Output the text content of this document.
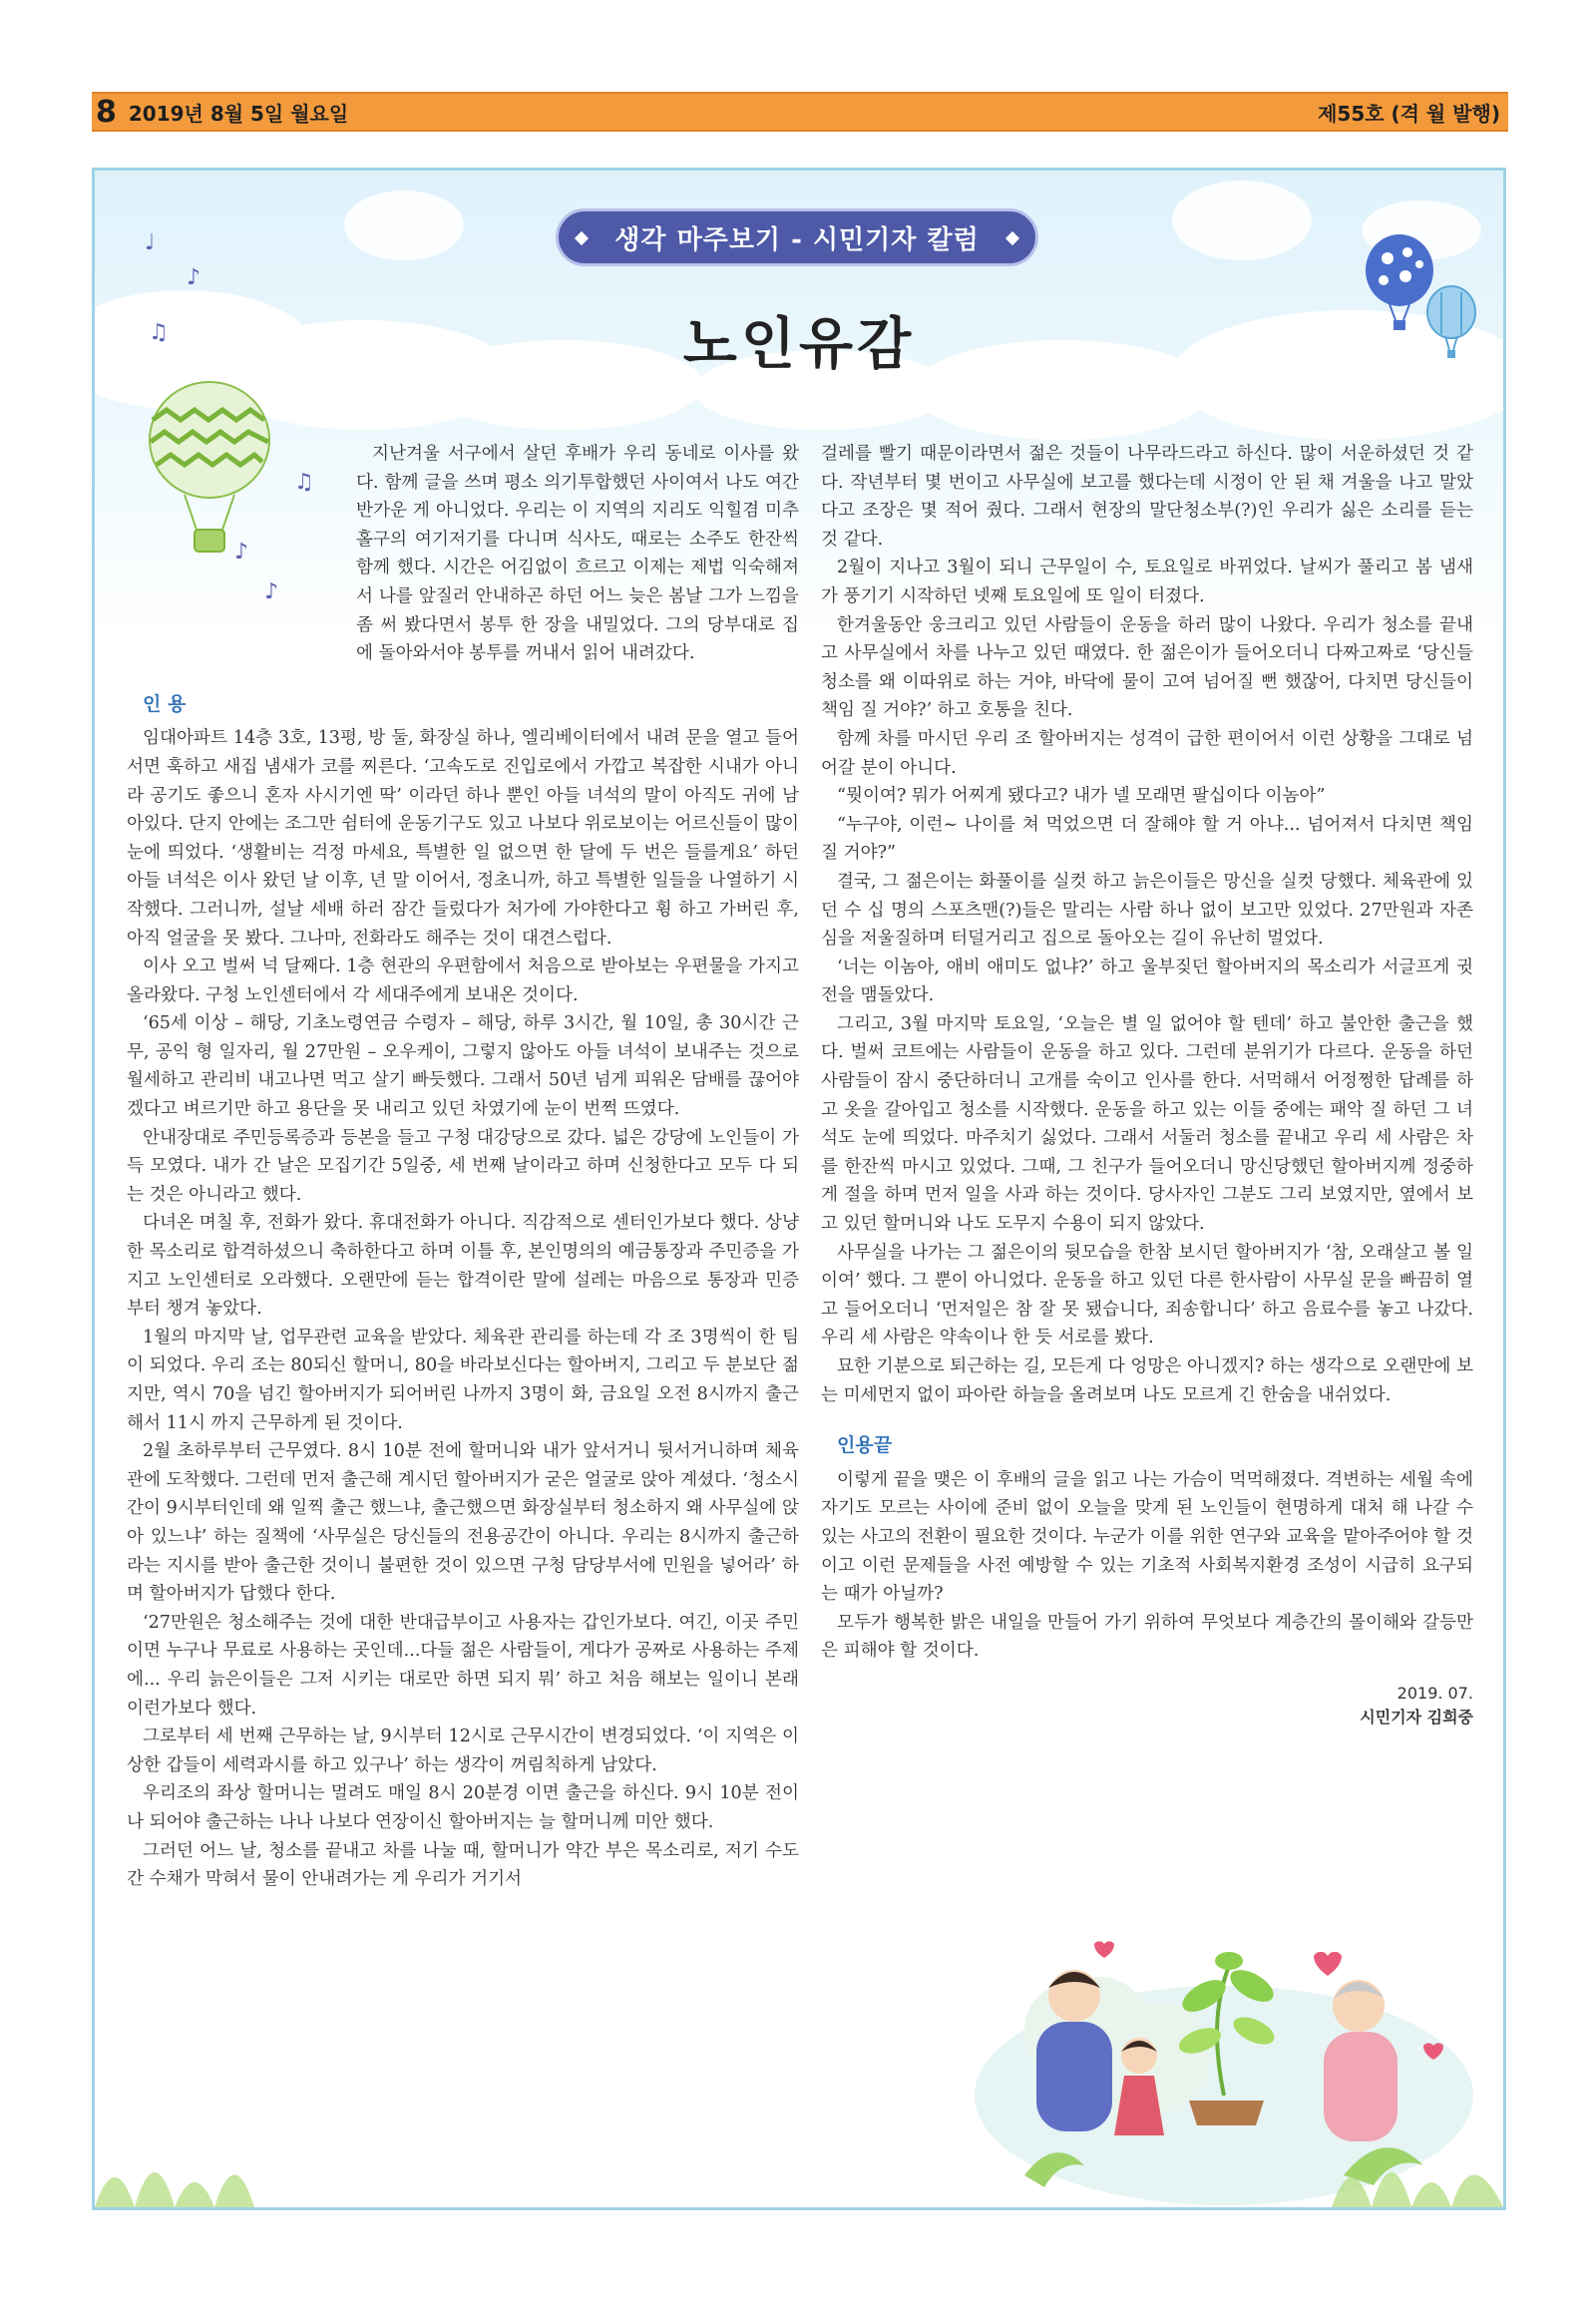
8 2019년 8월 5일 월요일	제55호 (격 월 발행)
♩
♪
♫
♫
♪
♪
생각 마주보기 - 시민기자 칼럼
노인유감

지난겨울 서구에서 살던 후배가 우리 동네로 이사를 왔다. 함께 글을 쓰며 평소 의기투합했던 사이여서 나도 여간 반가운 게 아니었다. 우리는 이 지역의 지리도 익힐겸 미추홀구의 여기저기를 다니며 식사도, 때로는 소주도 한잔씩 함께 했다. 시간은 어김없이 흐르고 이제는 제법 익숙해져서 나를 앞질러 안내하곤 하던 어느 늦은 봄날 그가 느낌을 좀 써 봤다면서 봉투 한 장을 내밀었다. 그의 당부대로 집에 돌아와서야 봉투를 꺼내서 읽어 내려갔다.

인 용

임대아파트 14층 3호, 13평, 방 둘, 화장실 하나, 엘리베이터에서 내려 문을 열고 들어서면 훅하고 새집 냄새가 코를 찌른다. ‘고속도로 진입로에서 가깝고 복잡한 시내가 아니라 공기도 좋으니 혼자 사시기엔 딱’ 이라던 하나 뿐인 아들 녀석의 말이 아직도 귀에 남아있다. 단지 안에는 조그만 쉼터에 운동기구도 있고 나보다 위로보이는 어르신들이 많이 눈에 띄었다. ‘생활비는 걱정 마세요, 특별한 일 없으면 한 달에 두 번은 들를게요’ 하던 아들 녀석은 이사 왔던 날 이후, 년 말 이어서, 정초니까, 하고 특별한 일들을 나열하기 시작했다. 그러니까, 설날 세배 하러 잠간 들렀다가 처가에 가야한다고 휭 하고 가버린 후, 아직 얼굴을 못 봤다. 그나마, 전화라도 해주는 것이 대견스럽다.

이사 오고 벌써 넉 달째다. 1층 현관의 우편함에서 처음으로 받아보는 우편물을 가지고 올라왔다. 구청 노인센터에서 각 세대주에게 보내온 것이다.

‘65세 이상 – 해당, 기초노령연금 수령자 – 해당, 하루 3시간, 월 10일, 총 30시간 근무, 공익 형 일자리, 월 27만원 – 오우케이, 그렇지 않아도 아들 녀석이 보내주는 것으로 월세하고 관리비 내고나면 먹고 살기 빠듯했다. 그래서 50년 넘게 피워온 담배를 끊어야겠다고 벼르기만 하고 용단을 못 내리고 있던 차였기에 눈이 번쩍 뜨였다.

안내장대로 주민등록증과 등본을 들고 구청 대강당으로 갔다. 넓은 강당에 노인들이 가득 모였다. 내가 간 날은 모집기간 5일중, 세 번째 날이라고 하며 신청한다고 모두 다 되는 것은 아니라고 했다.

다녀온 며칠 후, 전화가 왔다. 휴대전화가 아니다. 직감적으로 센터인가보다 했다. 상냥한 목소리로 합격하셨으니 축하한다고 하며 이틀 후, 본인명의의 예금통장과 주민증을 가지고 노인센터로 오라했다. 오랜만에 듣는 합격이란 말에 설레는 마음으로 통장과 민증 부터 챙겨 놓았다.

1월의 마지막 날, 업무관련 교육을 받았다. 체육관 관리를 하는데 각 조 3명씩이 한 팀이 되었다. 우리 조는 80되신 할머니, 80을 바라보신다는 할아버지, 그리고 두 분보단 젊지만, 역시 70을 넘긴 할아버지가 되어버린 나까지 3명이 화, 금요일 오전 8시까지 출근해서 11시 까지 근무하게 된 것이다.

2월 초하루부터 근무였다. 8시 10분 전에 할머니와 내가 앞서거니 뒷서거니하며 체육관에 도착했다. 그런데 먼저 출근해 계시던 할아버지가 굳은 얼굴로 앉아 계셨다. ‘청소시간이 9시부터인데 왜 일찍 출근 했느냐, 출근했으면 화장실부터 청소하지 왜 사무실에 앉아 있느냐’ 하는 질책에 ‘사무실은 당신들의 전용공간이 아니다. 우리는 8시까지 출근하라는 지시를 받아 출근한 것이니 불편한 것이 있으면 구청 담당부서에 민원을 넣어라’ 하며 할아버지가 답했다 한다.

‘27만원은 청소해주는 것에 대한 반대급부이고 사용자는 갑인가보다. 여긴, 이곳 주민이면 누구나 무료로 사용하는 곳인데...다들 젊은 사람들이, 게다가 공짜로 사용하는 주제에... 우리 늙은이들은 그저 시키는 대로만 하면 되지 뭐’ 하고 처음 해보는 일이니 본래 이런가보다 했다.

그로부터 세 번째 근무하는 날, 9시부터 12시로 근무시간이 변경되었다. ‘이 지역은 이상한 갑들이 세력과시를 하고 있구나’ 하는 생각이 꺼림칙하게 남았다.

우리조의 좌상 할머니는 멀려도 매일 8시 20분경 이면 출근을 하신다. 9시 10분 전이나 되어야 출근하는 나나 나보다 연장이신 할아버지는 늘 할머니께 미안 했다.

그러던 어느 날, 청소를 끝내고 차를 나눌 때, 할머니가 약간 부은 목소리로, 저기 수도 간 수채가 막혀서 물이 안내려가는 게 우리가 거기서

걸레를 빨기 때문이라면서 젊은 것들이 나무라드라고 하신다. 많이 서운하셨던 것 같다. 작년부터 몇 번이고 사무실에 보고를 했다는데 시정이 안 된 채 겨울을 나고 말았다고 조장은 몇 적어 줬다. 그래서 현장의 말단청소부(?)인 우리가 싫은 소리를 듣는 것 같다.

2월이 지나고 3월이 되니 근무일이 수, 토요일로 바뀌었다. 날씨가 풀리고 봄 냄새가 풍기기 시작하던 넷째 토요일에 또 일이 터졌다.

한겨울동안 웅크리고 있던 사람들이 운동을 하러 많이 나왔다. 우리가 청소를 끝내고 사무실에서 차를 나누고 있던 때였다. 한 젊은이가 들어오더니 다짜고짜로 ‘당신들 청소를 왜 이따위로 하는 거야, 바닥에 물이 고여 넘어질 뻔 했잖어, 다치면 당신들이 책임 질 거야?’ 하고 호통을 친다.

함께 차를 마시던 우리 조 할아버지는 성격이 급한 편이어서 이런 상황을 그대로 넘어갈 분이 아니다.

“뭣이여? 뭐가 어찌게 됐다고? 내가 넬 모래면 팔십이다 이놈아”

“누구야, 이런~ 나이를 쳐 먹었으면 더 잘해야 할 거 아냐... 넘어져서 다치면 책임질 거야?”

결국, 그 젊은이는 화풀이를 실컷 하고 늙은이들은 망신을 실컷 당했다. 체육관에 있던 수 십 명의 스포츠맨(?)들은 말리는 사람 하나 없이 보고만 있었다. 27만원과 자존심을 저울질하며 터덜거리고 집으로 돌아오는 길이 유난히 멀었다.

‘너는 이놈아, 애비 애미도 없냐?’ 하고 울부짖던 할아버지의 목소리가 서글프게 귓전을 맴돌았다.

그리고, 3월 마지막 토요일, ‘오늘은 별 일 없어야 할 텐데’ 하고 불안한 출근을 했다. 벌써 코트에는 사람들이 운동을 하고 있다. 그런데 분위기가 다르다. 운동을 하던 사람들이 잠시 중단하더니 고개를 숙이고 인사를 한다. 서먹해서 어정쩡한 답례를 하고 옷을 갈아입고 청소를 시작했다. 운동을 하고 있는 이들 중에는 패악 질 하던 그 녀석도 눈에 띄었다. 마주치기 싫었다. 그래서 서둘러 청소를 끝내고 우리 세 사람은 차를 한잔씩 마시고 있었다. 그때, 그 친구가 들어오더니 망신당했던 할아버지께 정중하게 절을 하며 먼저 일을 사과 하는 것이다. 당사자인 그분도 그리 보였지만, 옆에서 보고 있던 할머니와 나도 도무지 수용이 되지 않았다.

사무실을 나가는 그 젊은이의 뒷모습을 한참 보시던 할아버지가 ‘참, 오래살고 볼 일이여’ 했다. 그 뿐이 아니었다. 운동을 하고 있던 다른 한사람이 사무실 문을 빠끔히 열고 들어오더니 ‘먼저일은 참 잘 못 됐습니다, 죄송합니다’ 하고 음료수를 놓고 나갔다. 우리 세 사람은 약속이나 한 듯 서로를 봤다.

묘한 기분으로 퇴근하는 길, 모든게 다 엉망은 아니겠지? 하는 생각으로 오랜만에 보는 미세먼지 없이 파아란 하늘을 올려보며 나도 모르게 긴 한숨을 내쉬었다.

인용끝

이렇게 끝을 맺은 이 후배의 글을 읽고 나는 가슴이 먹먹해졌다. 격변하는 세월 속에 자기도 모르는 사이에 준비 없이 오늘을 맞게 된 노인들이 현명하게 대처 해 나갈 수 있는 사고의 전환이 필요한 것이다. 누군가 이를 위한 연구와 교육을 맡아주어야 할 것이고 이런 문제들을 사전 예방할 수 있는 기초적 사회복지환경 조성이 시급히 요구되는 때가 아닐까?

모두가 행복한 밝은 내일을 만들어 가기 위하여 무엇보다 계층간의 몰이해와 갈등만은 피해야 할 것이다.

2019. 07.
시민기자 김희중
